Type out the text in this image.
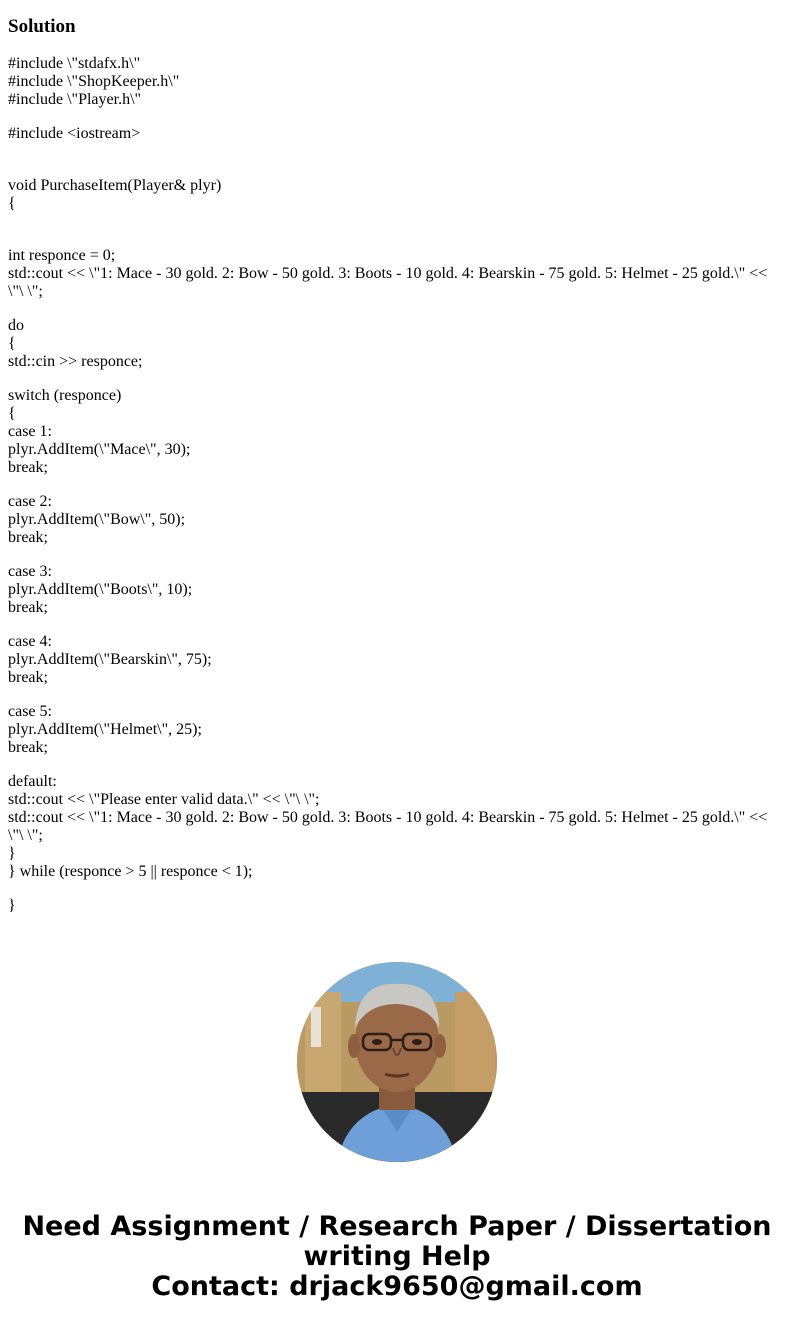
Solution
#include \"stdafx.h\"
#include \"ShopKeeper.h\"
#include \"Player.h\"
#include <iostream>
void PurchaseItem(Player& plyr)
{
int responce = 0;
std::cout << \"1: Mace - 30 gold. 2: Bow - 50 gold. 3: Boots - 10 gold. 4: Bearskin - 75 gold. 5: Helmet - 25 gold.\" <<
\"\ \";
do
{
std::cin >> responce;
switch (responce)
{
case 1:
plyr.AddItem(\"Mace\", 30);
break;
case 2:
plyr.AddItem(\"Bow\", 50);
break;
case 3:
plyr.AddItem(\"Boots\", 10);
break;
case 4:
plyr.AddItem(\"Bearskin\", 75);
break;
case 5:
plyr.AddItem(\"Helmet\", 25);
break;
default:
std::cout << \"Please enter valid data.\" << \"\ \";
std::cout << \"1: Mace - 30 gold. 2: Bow - 50 gold. 3: Boots - 10 gold. 4: Bearskin - 75 gold. 5: Helmet - 25 gold.\" <<
\"\ \";
}
} while (responce > 5 || responce < 1);
}
Need Assignment / Research Paper / Dissertation
writing Help
Contact: drjack9650@gmail.com
